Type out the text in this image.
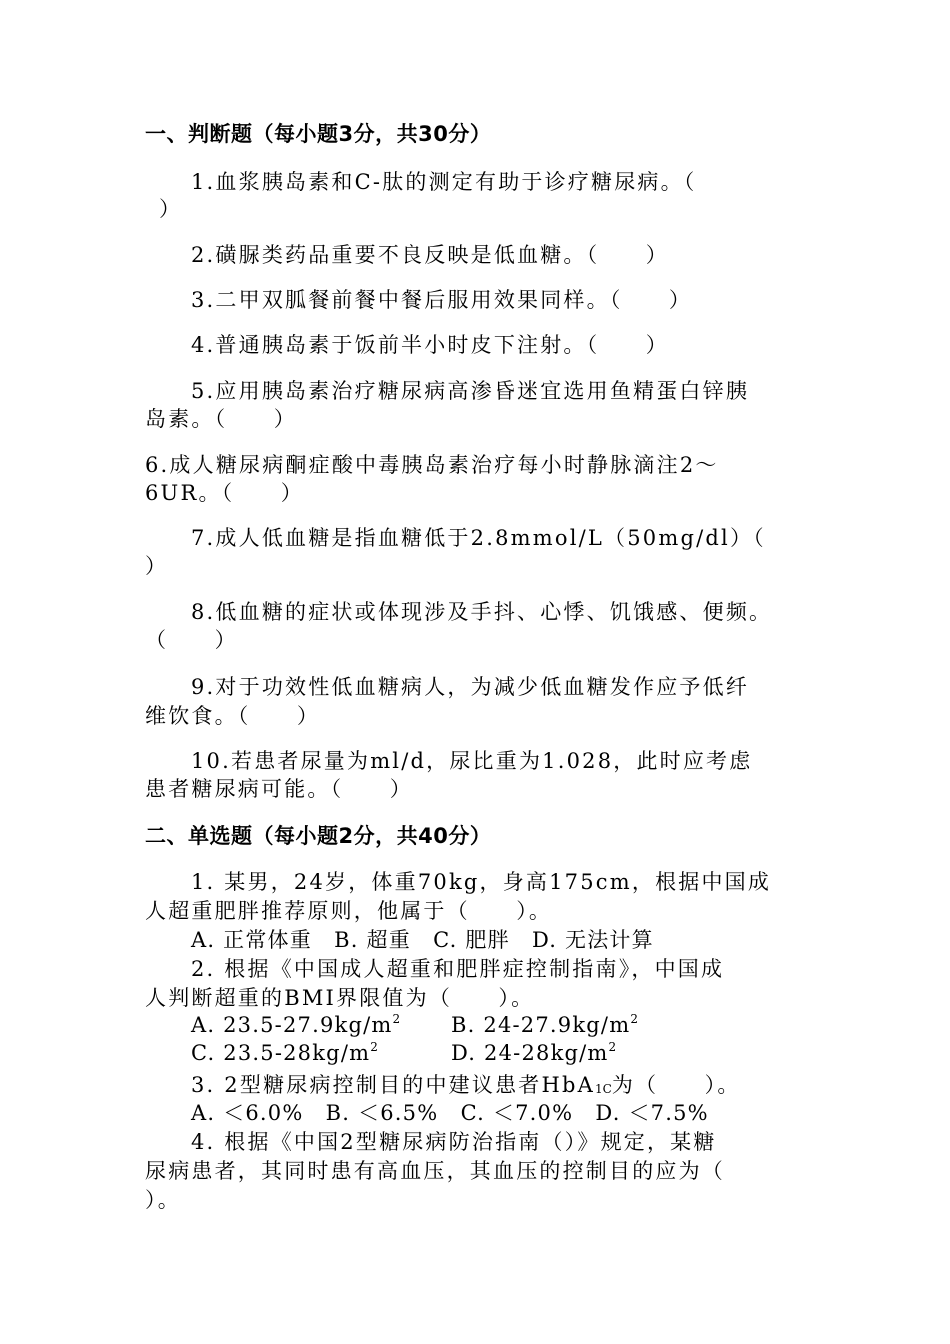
一、判断题（每小题3分，共30分）
1.血浆胰岛素和C-肽的测定有助于诊疗糖尿病。（
）
2.磺脲类药品重要不良反映是低血糖。（　　）
3.二甲双胍餐前餐中餐后服用效果同样。（　　）
4.普通胰岛素于饭前半小时皮下注射。（　　）
5.应用胰岛素治疗糖尿病高渗昏迷宜选用鱼精蛋白锌胰
岛素。（　　）
6.成人糖尿病酮症酸中毒胰岛素治疗每小时静脉滴注2～
6UR。（　　）
7.成人低血糖是指血糖低于2.8mmol/L（50mg/dl）（
）
8.低血糖的症状或体现涉及手抖、心悸、饥饿感、便频。
（　　）
9.对于功效性低血糖病人，为减少低血糖发作应予低纤
维饮食。（　　）
10.若患者尿量为ml/d，尿比重为1.028，此时应考虑
患者糖尿病可能。（　　）
二、单选题（每小题2分，共40分）
1. 某男，24岁，体重70kg，身高175cm，根据中国成
人超重肥胖推荐原则，他属于（　　）。
A. 正常体重　B. 超重　C. 肥胖　D. 无法计算
2. 根据《中国成人超重和肥胖症控制指南》，中国成
人判断超重的BMI界限值为（　　）。
A. $23.5-27.9kg/m^2$ B. $24-27.9kg/m^2$
C. $23.5-28kg/m^2$	D. $24-28kg/m^2$
3. 2型糖尿病控制目的中建议患者HbA$_{1C}$为（　　）。
A. ＜6.0%　B. ＜6.5%　C. ＜7.0%　D. ＜7.5%
4. 根据《中国2型糖尿病防治指南（）》规定，某糖
尿病患者，其同时患有高血压，其血压的控制目的应为（
）。
